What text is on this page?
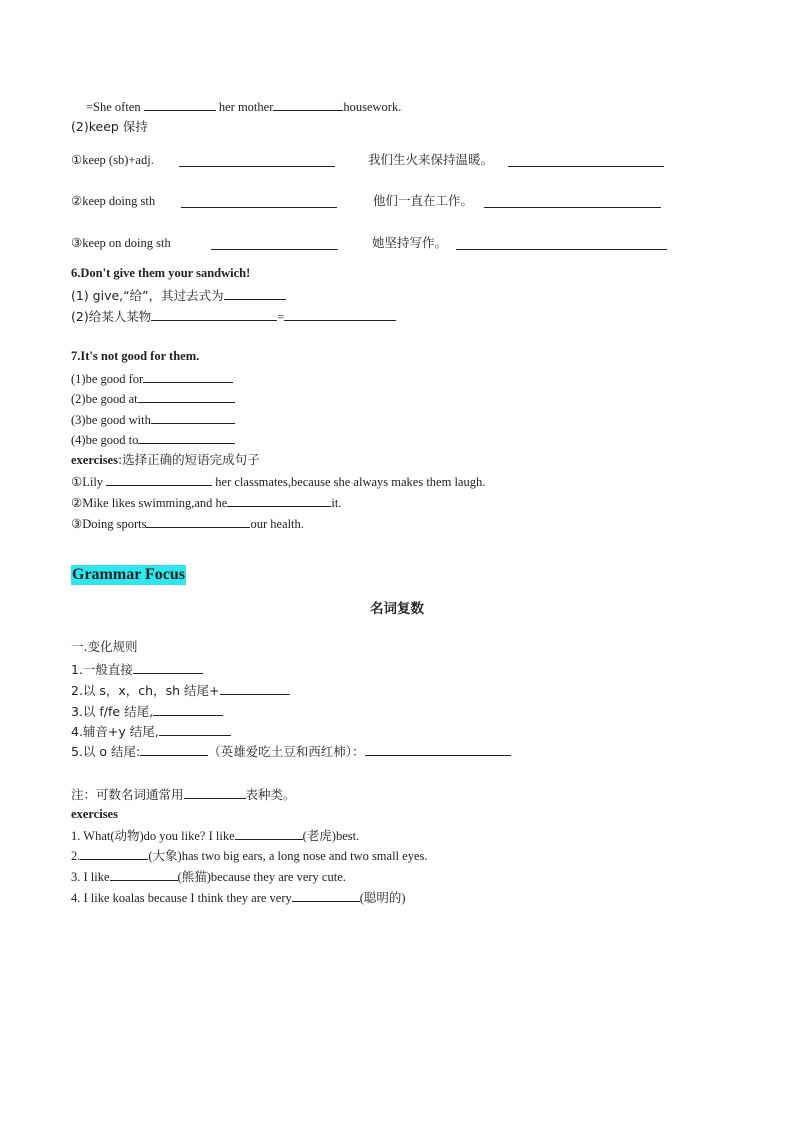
=She often	her mother	housework.
(2)keep 保持
①keep (sb)+adj.	我们生火来保持温暖。
②keep doing sth	他们一直在工作。
③keep on doing sth	她坚持写作。
6.Don't give them your sandwich!
(1) give,“给”，其过去式为
(2)给某人某物	=
7.It's not good for them.
(1)be good for
(2)be good at
(3)be good with
(4)be good to
exercises:选择正确的短语完成句子
①Lily	her classmates,because she always makes them laugh.
②Mike likes swimming,and he	it.
③Doing sports	our health.
Grammar Focus
名词复数
一.变化规则
1.一般直接
2.以 s，x，ch，sh 结尾+
3.以 f/fe 结尾,
4.辅音+y 结尾,
5.以 o 结尾:	（英雄爱吃土豆和西红柿）：
注：可数名词通常用	表种类。
exercises
1. What(动物)do you like? I like	(老虎)best.
2.	(大象)has two big ears, a long nose and two small eyes.
3. I like	(熊猫)because they are very cute.
4. I like koalas because I think they are very	(聪明的)
